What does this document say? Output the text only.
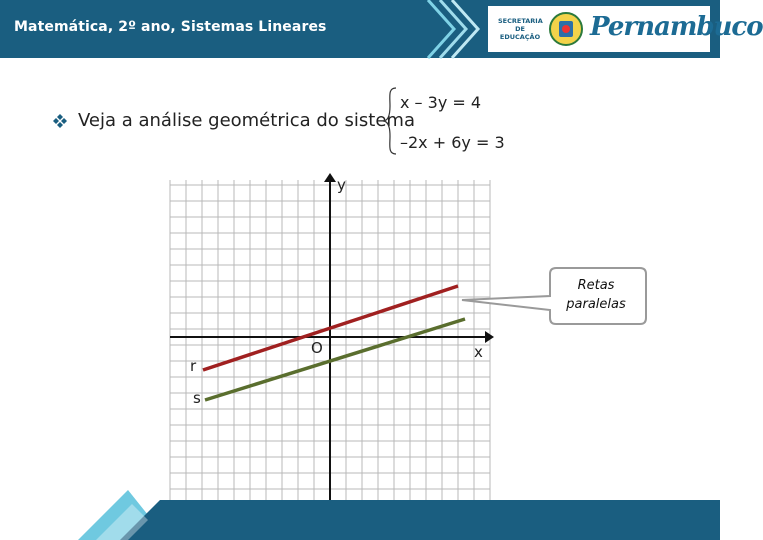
Matemática, 2º ano, Sistemas Lineares	SECRETARIA DE EDUCAÇÃO Pernambuco
Veja a análise geométrica do sistema
x – 3y = 4
–2x + 6y = 3
y
x
O
r
s
Retas
paralelas
